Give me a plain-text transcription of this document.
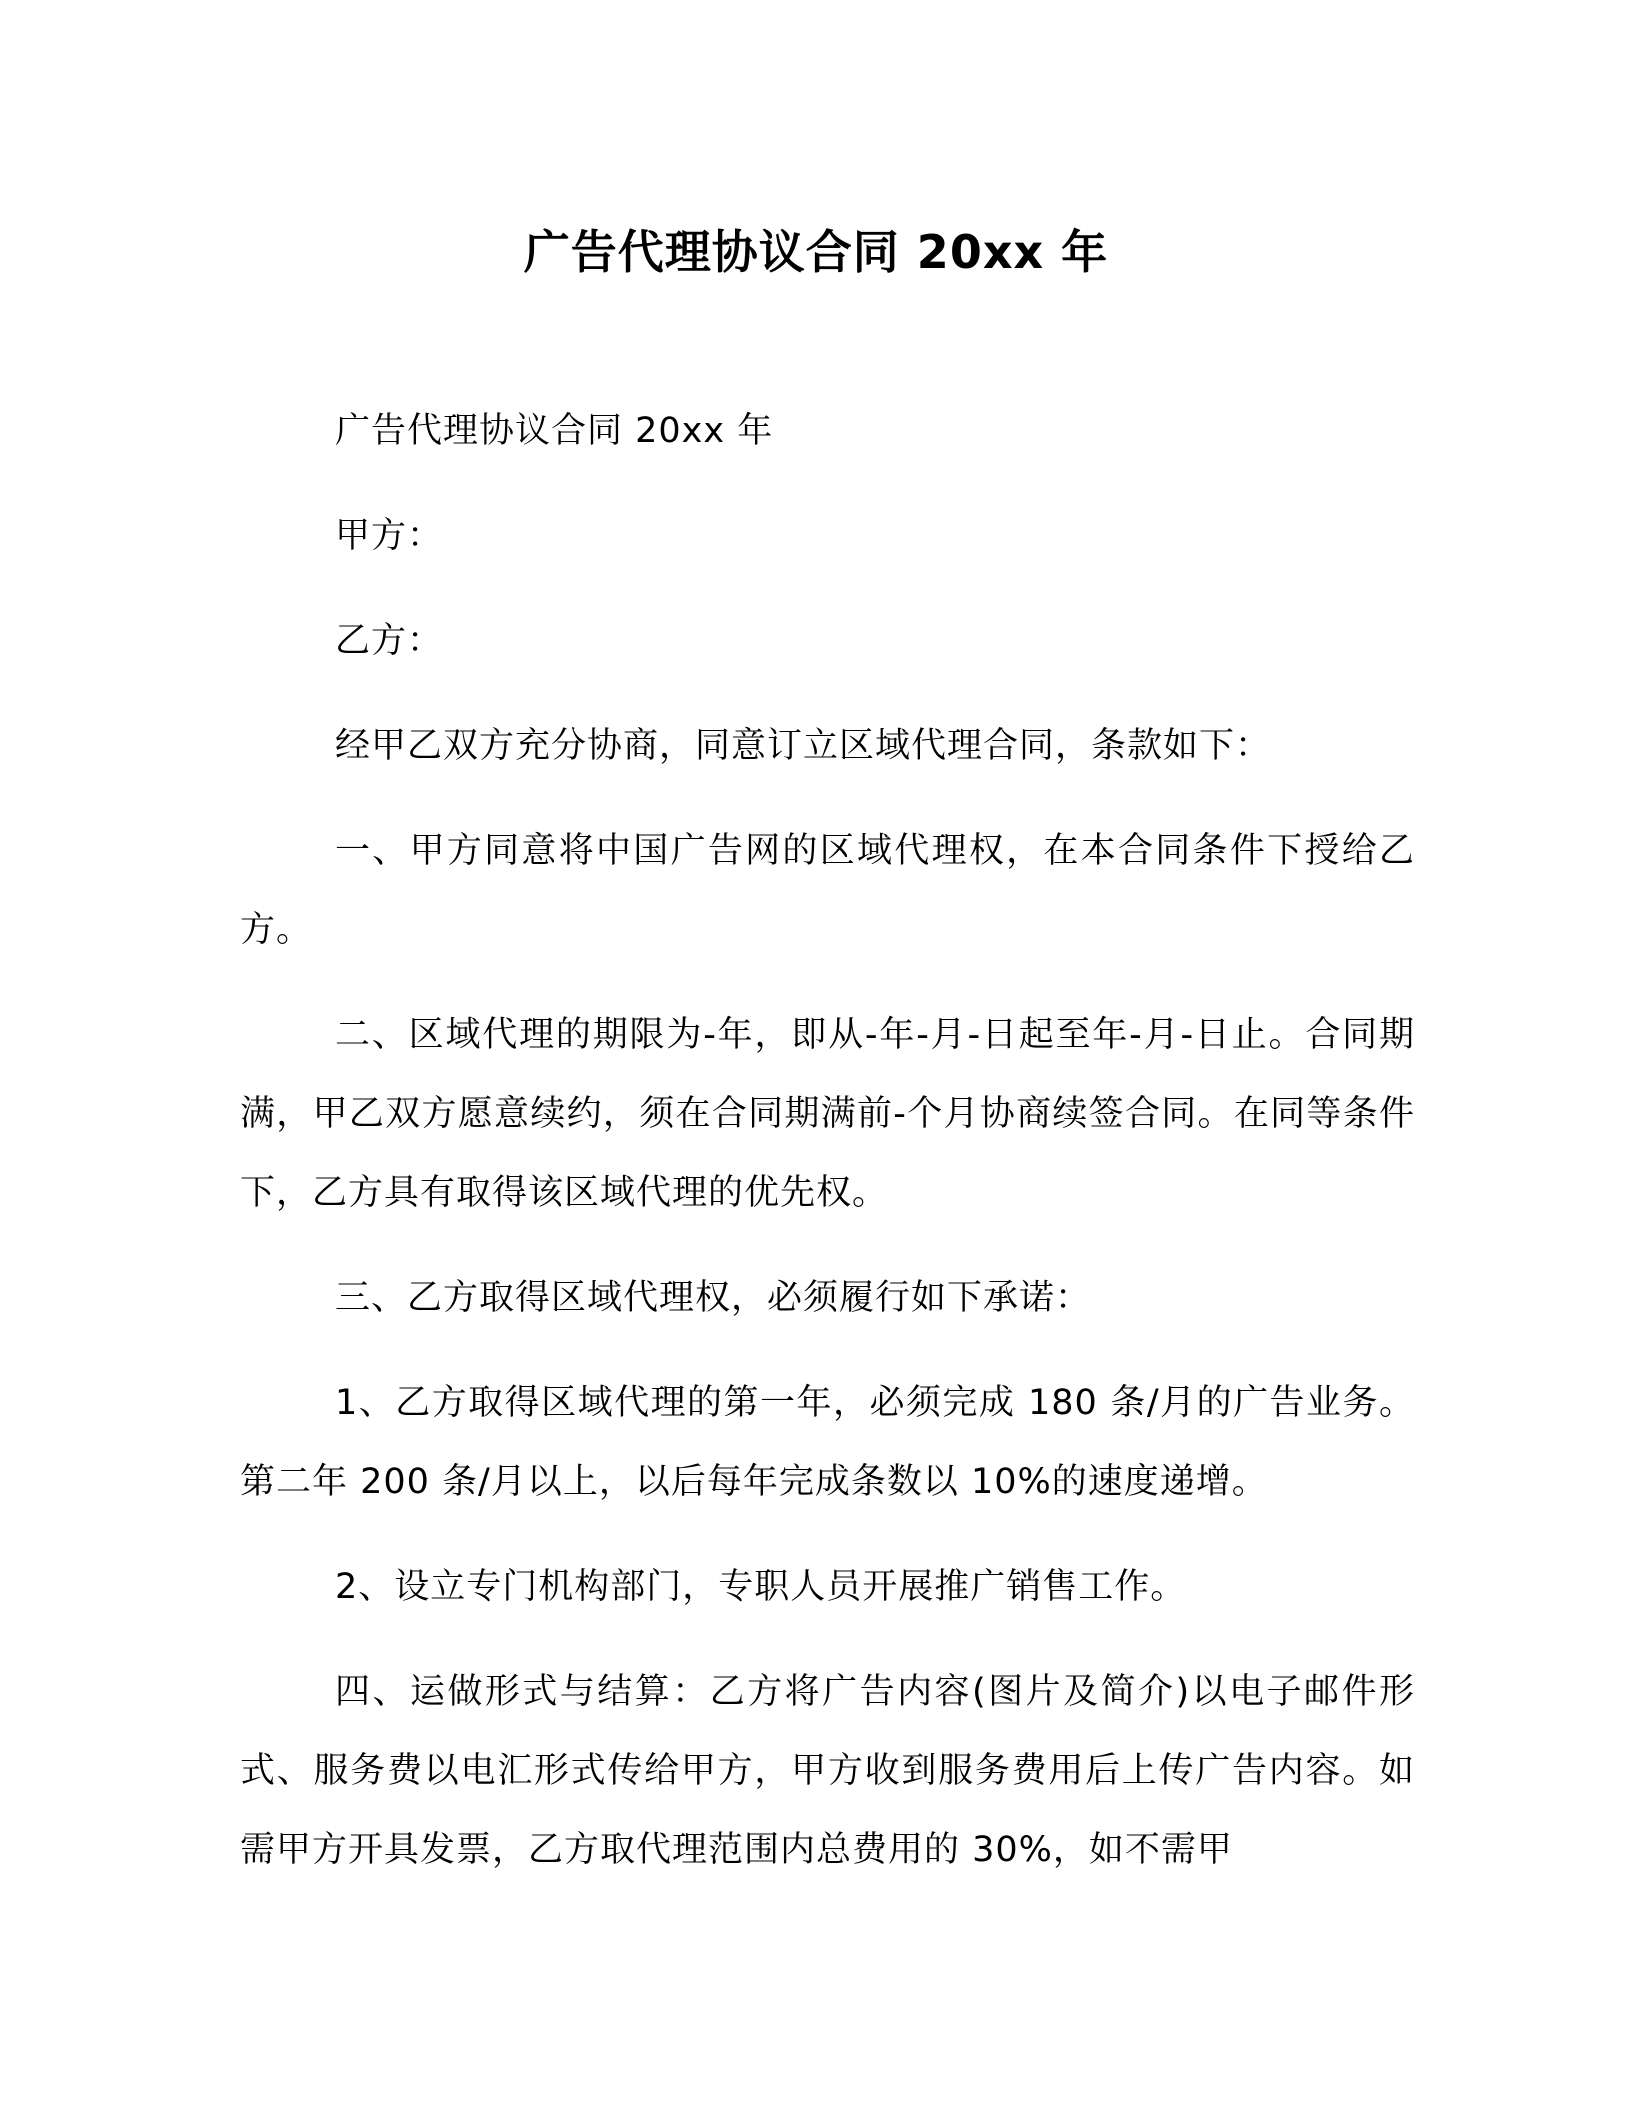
广告代理协议合同 20xx 年

广告代理协议合同 20xx 年

甲方：

乙方：

经甲乙双方充分协商，同意订立区域代理合同，条款如下：

一、甲方同意将中国广告网的区域代理权，在本合同条件下授给乙方。

二、区域代理的期限为-年，即从-年-月-日起至年-月-日止。合同期满，甲乙双方愿意续约，须在合同期满前-个月协商续签合同。在同等条件下，乙方具有取得该区域代理的优先权。

三、乙方取得区域代理权，必须履行如下承诺：

1、乙方取得区域代理的第一年，必须完成 180 条/月的广告业务。第二年 200 条/月以上，以后每年完成条数以 10%的速度递增。

2、设立专门机构部门，专职人员开展推广销售工作。

四、运做形式与结算：乙方将广告内容(图片及简介)以电子邮件形式、服务费以电汇形式传给甲方，甲方收到服务费用后上传广告内容。如需甲方开具发票，乙方取代理范围内总费用的 30%，如不需甲
